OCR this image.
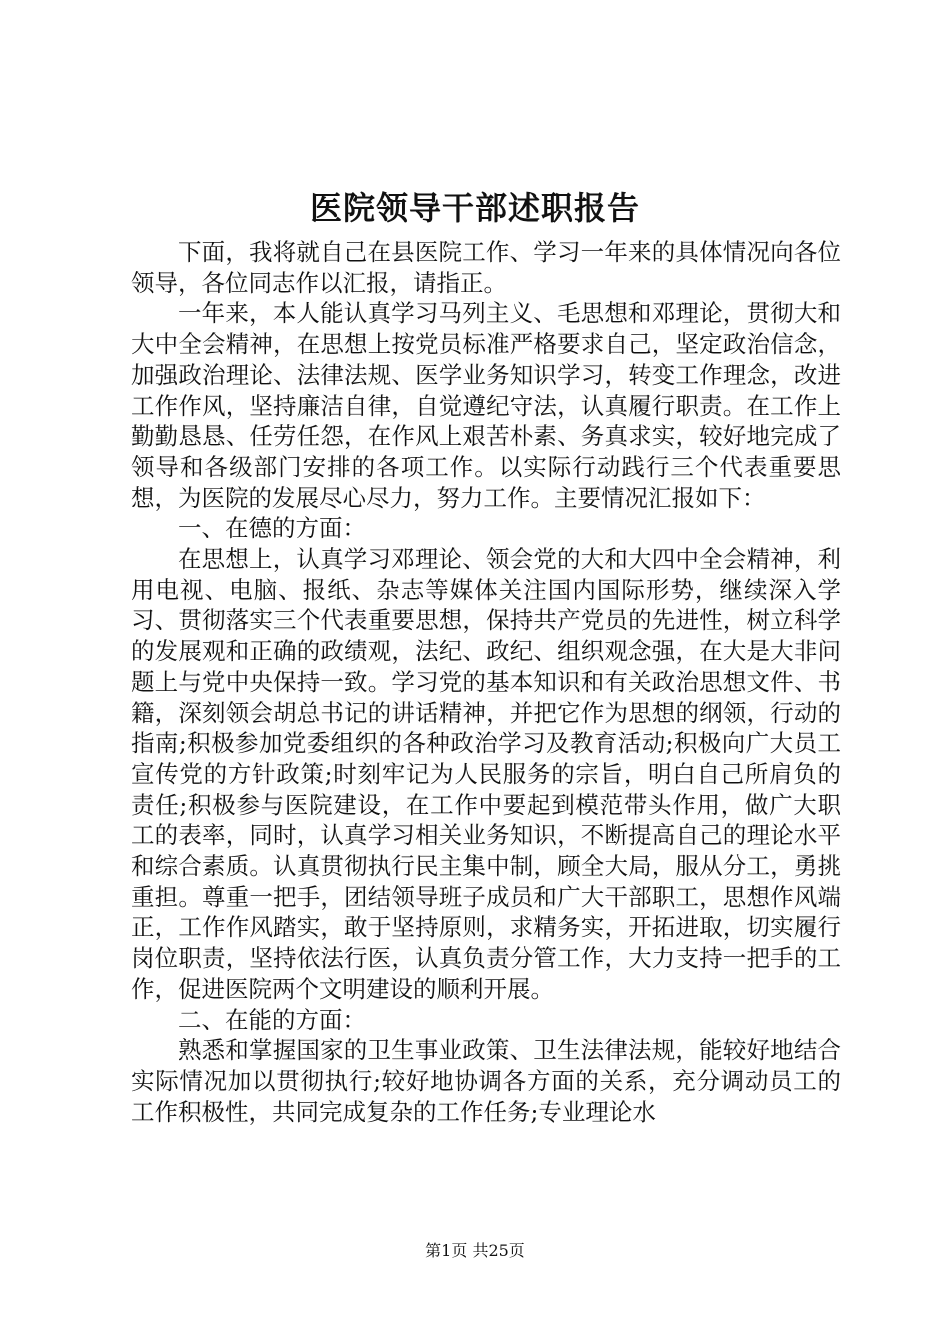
医院领导干部述职报告

下面，我将就自己在县医院工作、学习一年来的具体情况向各位领导，各位同志作以汇报，请指正。

一年来，本人能认真学习马列主义、毛思想和邓理论，贯彻大和大中全会精神，在思想上按党员标准严格要求自己，坚定政治信念，加强政治理论、法律法规、医学业务知识学习，转变工作理念，改进工作作风，坚持廉洁自律，自觉遵纪守法，认真履行职责。在工作上勤勤恳恳、任劳任怨，在作风上艰苦朴素、务真求实，较好地完成了领导和各级部门安排的各项工作。以实际行动践行三个代表重要思想，为医院的发展尽心尽力，努力工作。主要情况汇报如下：

一、在德的方面：

在思想上，认真学习邓理论、领会党的大和大四中全会精神，利用电视、电脑、报纸、杂志等媒体关注国内国际形势，继续深入学习、贯彻落实三个代表重要思想，保持共产党员的先进性，树立科学的发展观和正确的政绩观，法纪、政纪、组织观念强，在大是大非问题上与党中央保持一致。学习党的基本知识和有关政治思想文件、书籍，深刻领会胡总书记的讲话精神，并把它作为思想的纲领，行动的指南;积极参加党委组织的各种政治学习及教育活动;积极向广大员工宣传党的方针政策;时刻牢记为人民服务的宗旨，明白自己所肩负的责任;积极参与医院建设，在工作中要起到模范带头作用，做广大职工的表率，同时，认真学习相关业务知识，不断提高自己的理论水平和综合素质。认真贯彻执行民主集中制，顾全大局，服从分工，勇挑重担。尊重一把手，团结领导班子成员和广大干部职工，思想作风端正，工作作风踏实，敢于坚持原则，求精务实，开拓进取，切实履行岗位职责，坚持依法行医，认真负责分管工作，大力支持一把手的工作，促进医院两个文明建设的顺利开展。

二、在能的方面：

熟悉和掌握国家的卫生事业政策、卫生法律法规，能较好地结合实际情况加以贯彻执行;较好地协调各方面的关系，充分调动员工的工作积极性，共同完成复杂的工作任务;专业理论水

第1页 共25页
